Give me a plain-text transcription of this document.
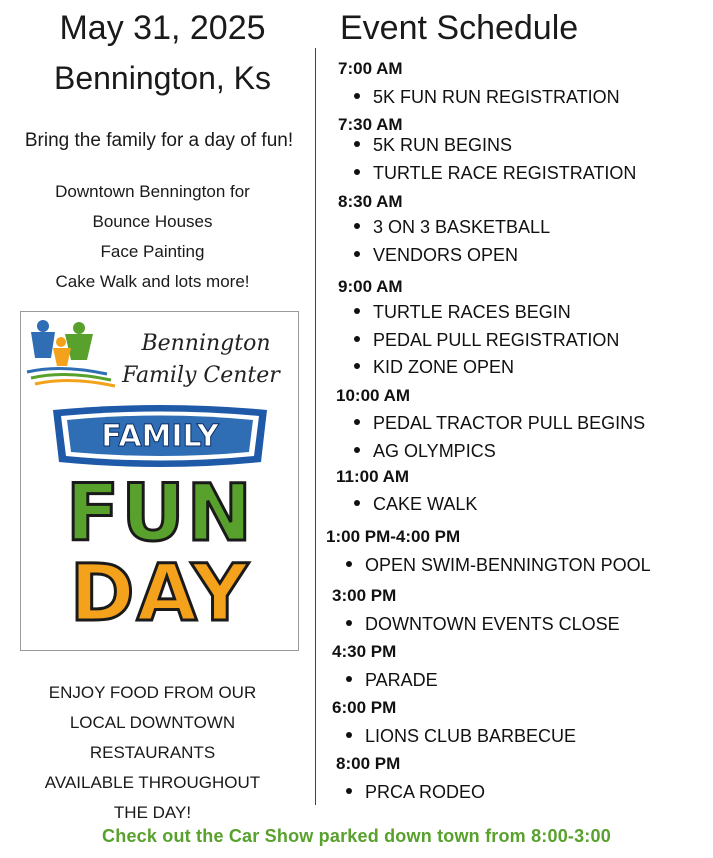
May 31, 2025
Bennington, Ks
Bring the family for a day of fun!
Downtown Bennington for
Bounce Houses
Face Painting
Cake Walk and lots more!
Bennington
Family Center
FAMILY
FUN
DAY
ENJOY FOOD FROM OUR
LOCAL DOWNTOWN
RESTAURANTS
AVAILABLE THROUGHOUT
THE DAY!
Event Schedule
7:00 AM
5K FUN RUN REGISTRATION
7:30 AM
5K RUN BEGINS
TURTLE RACE REGISTRATION
8:30 AM
3 ON 3 BASKETBALL
VENDORS OPEN
9:00 AM
TURTLE RACES BEGIN
PEDAL PULL REGISTRATION
KID ZONE OPEN
10:00 AM
PEDAL TRACTOR PULL BEGINS
AG OLYMPICS
11:00 AM
CAKE WALK
1:00 PM-4:00 PM
OPEN SWIM-BENNINGTON POOL
3:00 PM
DOWNTOWN EVENTS CLOSE
4:30 PM
PARADE
6:00 PM
LIONS CLUB BARBECUE
8:00 PM
PRCA RODEO
Check out the Car Show parked down town from 8:00-3:00
